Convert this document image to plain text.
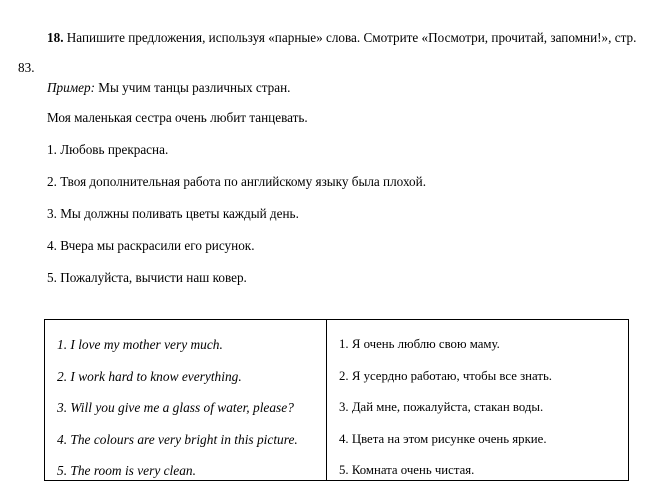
18. Напишите предложения, используя «парные» слова. Смотрите «Посмотри, прочитай, запомни!», стр. 83.

Пример: Мы учим танцы различных стран.
Моя маленькая сестра очень любит танцевать.
1. Любовь прекрасна.
2. Твоя дополнительная работа по английскому языку была плохой.
3. Мы должны поливать цветы каждый день.
4. Вчера мы раскрасили его рисунок.
5. Пожалуйста, вычисти наш ковер.
1. I love my mother very much.
2. I work hard to know everything.
3. Will you give me a glass of water, please?
4. The colours are very bright in this picture.
5. The room is very clean.
1. Я очень люблю свою маму.
2. Я усердно работаю, чтобы все знать.
3. Дай мне, пожалуйста, стакан воды.
4. Цвета на этом рисунке очень яркие.
5. Комната очень чистая.
